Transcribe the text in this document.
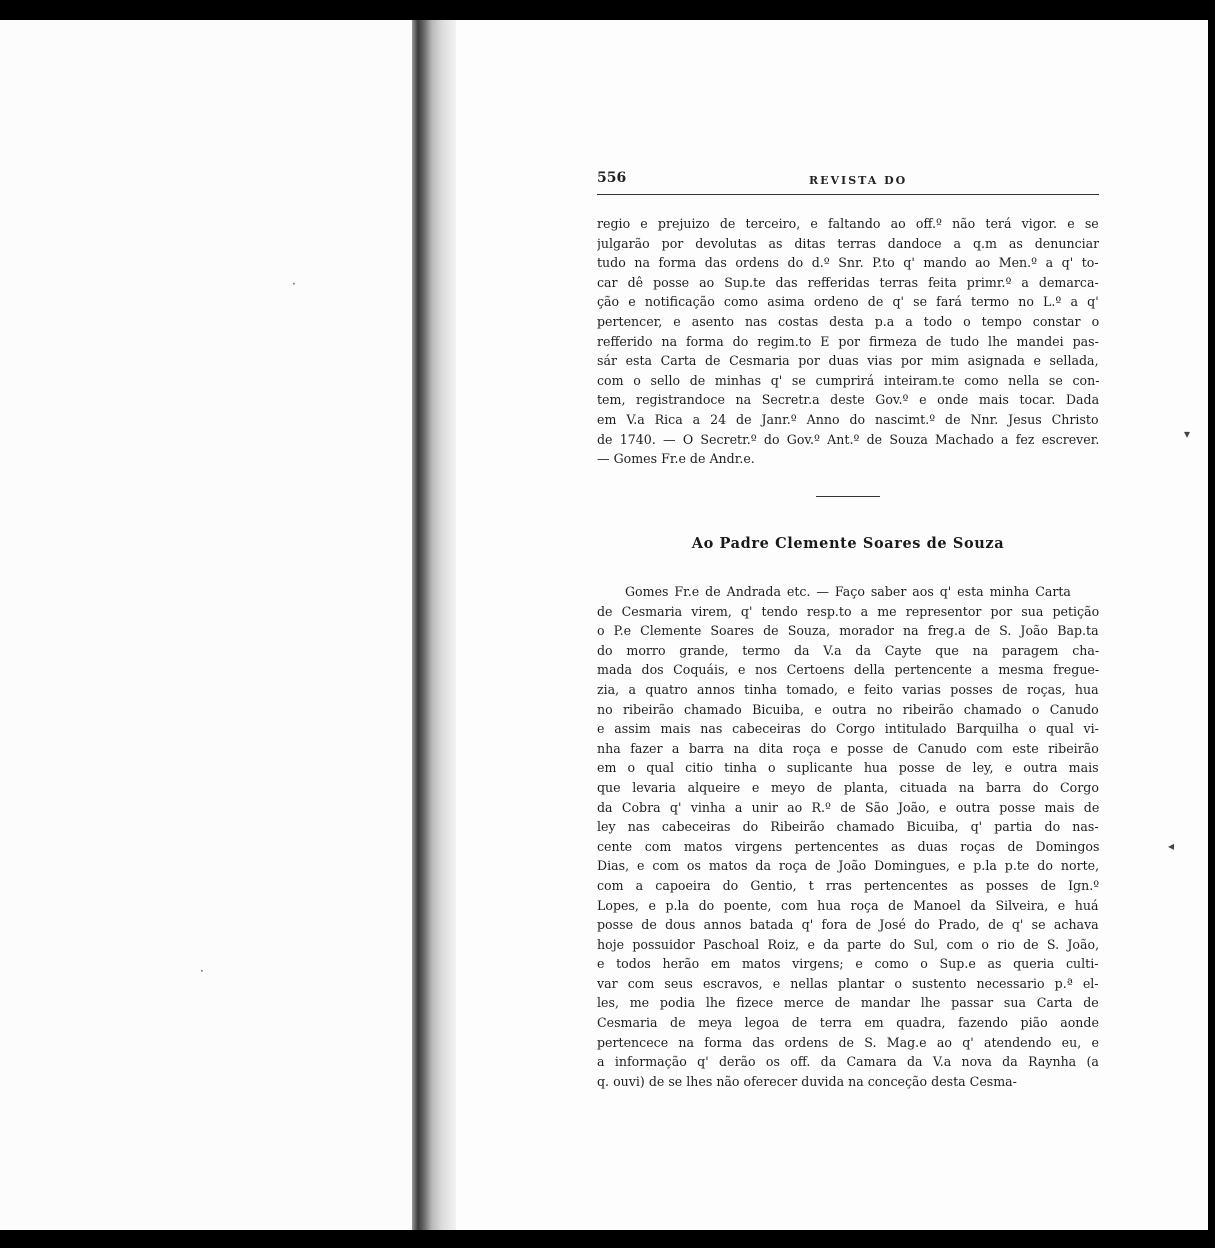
·
·
▾
◂
556	REVISTA DO
regio e prejuizo de terceiro, e faltando ao off.º não terá vigor. e se
julgarão por devolutas as ditas terras dandoce a q.m as denunciar
tudo na forma das ordens do d.º Snr. P.to q' mando ao Men.º a q' to-
car dê posse ao Sup.te das refferidas terras feita primr.º a demarca-
ção e notificação como asima ordeno de q' se fará termo no L.º a q'
pertencer, e asento nas costas desta p.a a todo o tempo constar o
refferido na forma do regim.to E por firmeza de tudo lhe mandei pas-
sár esta Carta de Cesmaria por duas vias por mim asignada e sellada,
com o sello de minhas q' se cumprirá inteiram.te como nella se con-
tem, registrandoce na Secretr.a deste Gov.º e onde mais tocar. Dada
em V.a Rica a 24 de Janr.º Anno do nascimt.º de Nnr. Jesus Christo
de 1740. — O Secretr.º do Gov.º Ant.º de Souza Machado a fez escrever.
— Gomes Fr.e de Andr.e.
Ao Padre Clemente Soares de Souza
Gomes Fr.e de Andrada etc. — Faço saber aos q' esta minha Carta
de Cesmaria virem, q' tendo resp.to a me representor por sua petição
o P.e Clemente Soares de Souza, morador na freg.a de S. João Bap.ta
do morro grande, termo da V.a da Cayte que na paragem cha-
mada dos Coquáis, e nos Certoens della pertencente a mesma fregue-
zia, a quatro annos tinha tomado, e feito varias posses de roças, hua
no ribeirão chamado Bicuiba, e outra no ribeirão chamado o Canudo
e assim mais nas cabeceiras do Corgo intitulado Barquilha o qual vi-
nha fazer a barra na dita roça e posse de Canudo com este ribeirão
em o qual citio tinha o suplicante hua posse de ley, e outra mais
que levaria alqueire e meyo de planta, cituada na barra do Corgo
da Cobra q' vinha a unir ao R.º de São João, e outra posse mais de
ley nas cabeceiras do Ribeirão chamado Bicuiba, q' partia do nas-
cente com matos virgens pertencentes as duas roças de Domingos
Dias, e com os matos da roça de João Domingues, e p.la p.te do norte,
com a capoeira do Gentio, t rras pertencentes as posses de Ign.º
Lopes, e p.la do poente, com hua roça de Manoel da Silveira, e huá
posse de dous annos batada q' fora de José do Prado, de q' se achava
hoje possuidor Paschoal Roiz, e da parte do Sul, com o rio de S. João,
e todos herão em matos virgens; e como o Sup.e as queria culti-
var com seus escravos, e nellas plantar o sustento necessario p.ª el-
les, me podia lhe fizece merce de mandar lhe passar sua Carta de
Cesmaria de meya legoa de terra em quadra, fazendo pião aonde
pertencece na forma das ordens de S. Mag.e ao q' atendendo eu, e
a informação q' derão os off. da Camara da V.a nova da Raynha (a
q. ouvi) de se lhes não oferecer duvida na conceção desta Cesma-
